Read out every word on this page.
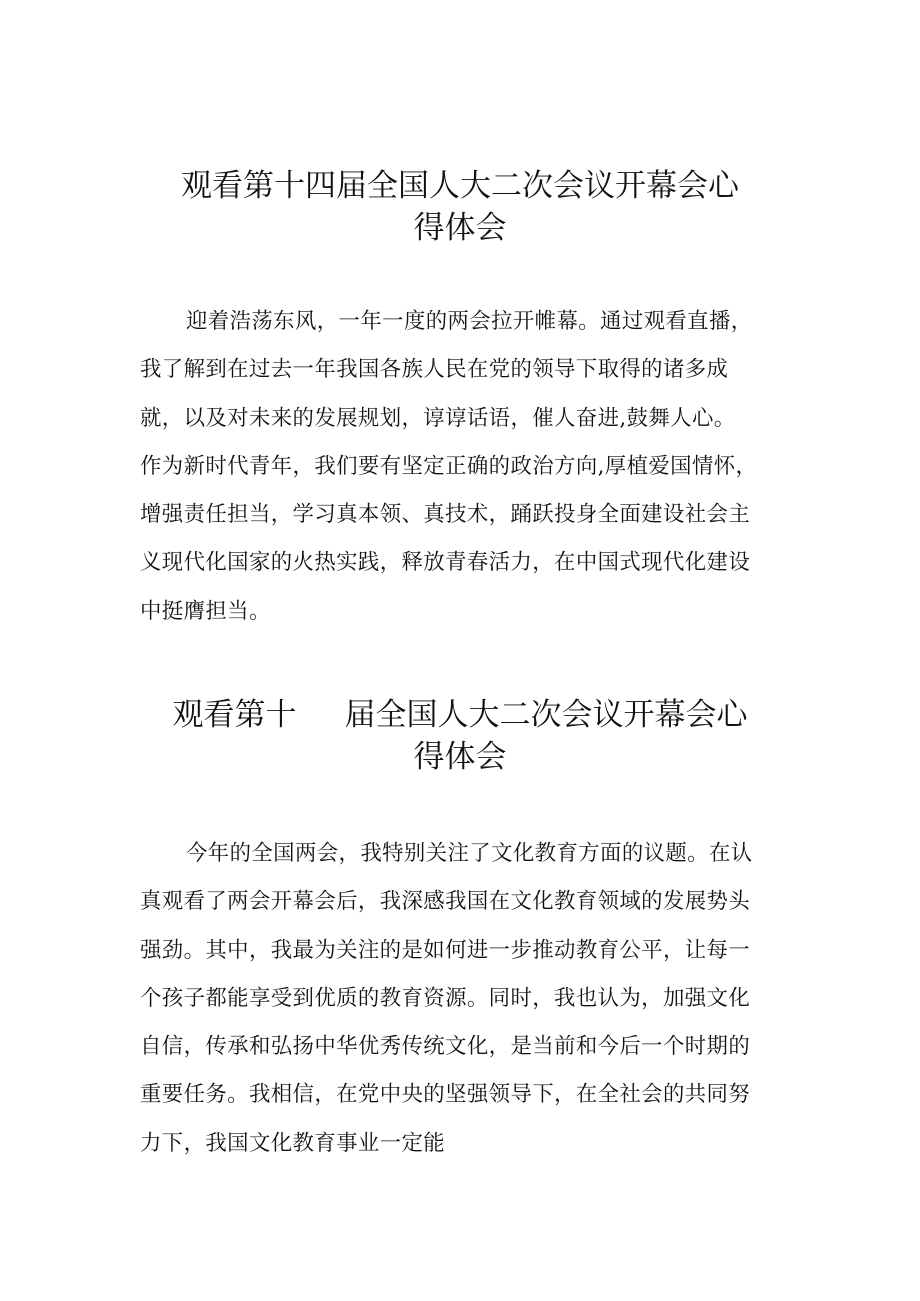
观看第十四届全国人大二次会议开幕会心
得体会
迎着浩荡东风，一年一度的两会拉开帷幕。通过观看直播，
我了解到在过去一年我国各族人民在党的领导下取得的诸多成
就，以及对未来的发展规划，谆谆话语，催人奋进,鼓舞人心。
作为新时代青年，我们要有坚定正确的政治方向,厚植爱国情怀，
增强责任担当，学习真本领、真技术，踊跃投身全面建设社会主
义现代化国家的火热实践，释放青春活力，在中国式现代化建设
中挺膺担当。
观看第十 届全国人大二次会议开幕会心
得体会
今年的全国两会，我特别关注了文化教育方面的议题。在认
真观看了两会开幕会后，我深感我国在文化教育领域的发展势头
强劲。其中，我最为关注的是如何进一步推动教育公平，让每一
个孩子都能享受到优质的教育资源。同时，我也认为，加强文化
自信，传承和弘扬中华优秀传统文化，是当前和今后一个时期的
重要任务。我相信，在党中央的坚强领导下，在全社会的共同努
力下，我国文化教育事业一定能
